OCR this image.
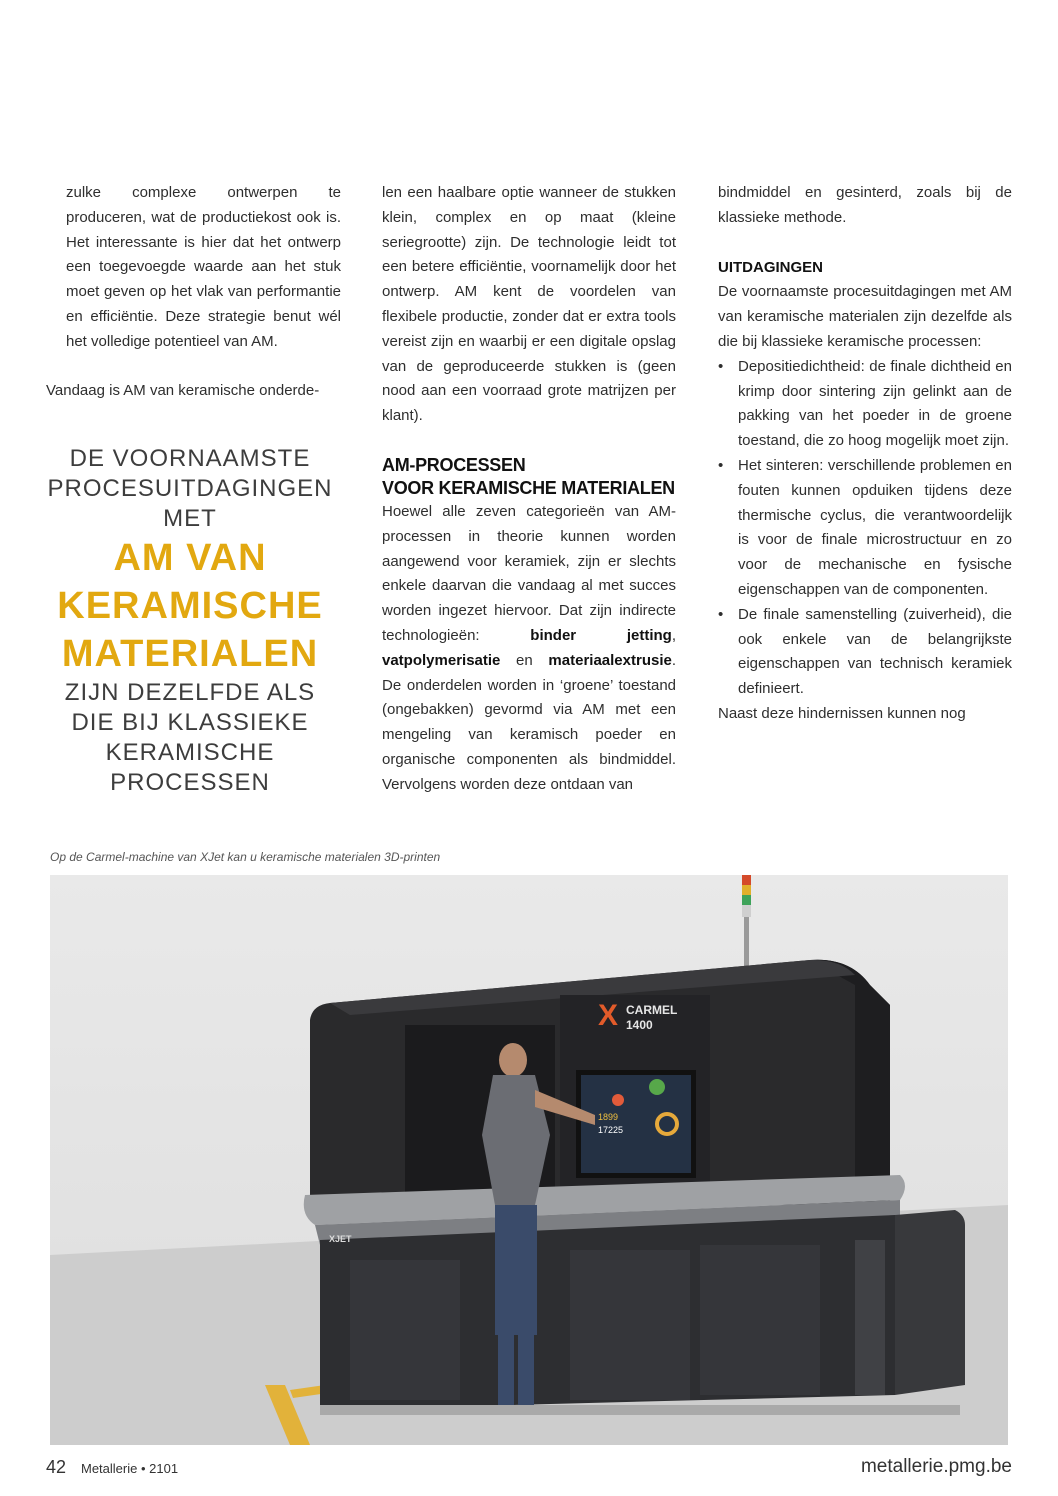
zulke complexe ontwerpen te produceren, wat de productiekost ook is. Het interessante is hier dat het ontwerp een toegevoegde waarde aan het stuk moet geven op het vlak van performantie en efficiëntie. Deze strategie benut wél het volledige potentieel van AM.

Vandaag is AM van keramische onderde-
DE VOORNAAMSTE
PROCESUITDAGINGEN
MET
AM VAN
KERAMISCHE
MATERIALEN
ZIJN DEZELFDE ALS
DIE BIJ KLASSIEKE
KERAMISCHE
PROCESSEN

len een haalbare optie wanneer de stukken klein, complex en op maat (kleine seriegrootte) zijn. De technologie leidt tot een betere efficiëntie, voornamelijk door het ontwerp. AM kent de voordelen van flexibele productie, zonder dat er extra tools vereist zijn en waarbij er een digitale opslag van de geproduceerde stukken is (geen nood aan een voorraad grote matrijzen per klant).

AM-PROCESSEN
VOOR KERAMISCHE MATERIALEN

Hoewel alle zeven categorieën van AM-processen in theorie kunnen worden aangewend voor keramiek, zijn er slechts enkele daarvan die vandaag al met succes worden ingezet hiervoor. Dat zijn indirecte technologieën: binder jetting, vatpolymerisatie en materiaalextrusie. De onderdelen worden in ‘groene’ toestand (ongebakken) gevormd via AM met een mengeling van keramisch poeder en organische componenten als bindmiddel. Vervolgens worden deze ontdaan van

bindmiddel en gesinterd, zoals bij de klassieke methode.

UITDAGINGEN

De voornaamste procesuitdagingen met AM van keramische materialen zijn dezelfde als die bij klassieke keramische processen:

• Depositiedichtheid: de finale dichtheid en krimp door sintering zijn gelinkt aan de pakking van het poeder in de groene toestand, die zo hoog mogelijk moet zijn.
• Het sinteren: verschillende problemen en fouten kunnen opduiken tijdens deze thermische cyclus, die verantwoordelijk is voor de finale microstructuur en zo voor de mechanische en fysische eigenschappen van de componenten.
• De finale samenstelling (zuiverheid), die ook enkele van de belangrijkste eigenschappen van technisch keramiek definieert.

Naast deze hindernissen kunnen nog

Op de Carmel-machine van XJet kan u keramische materialen 3D-printen
X CARMEL
1400
XJET
1899
17225
42 Metallerie • 2101	metallerie.pmg.be
